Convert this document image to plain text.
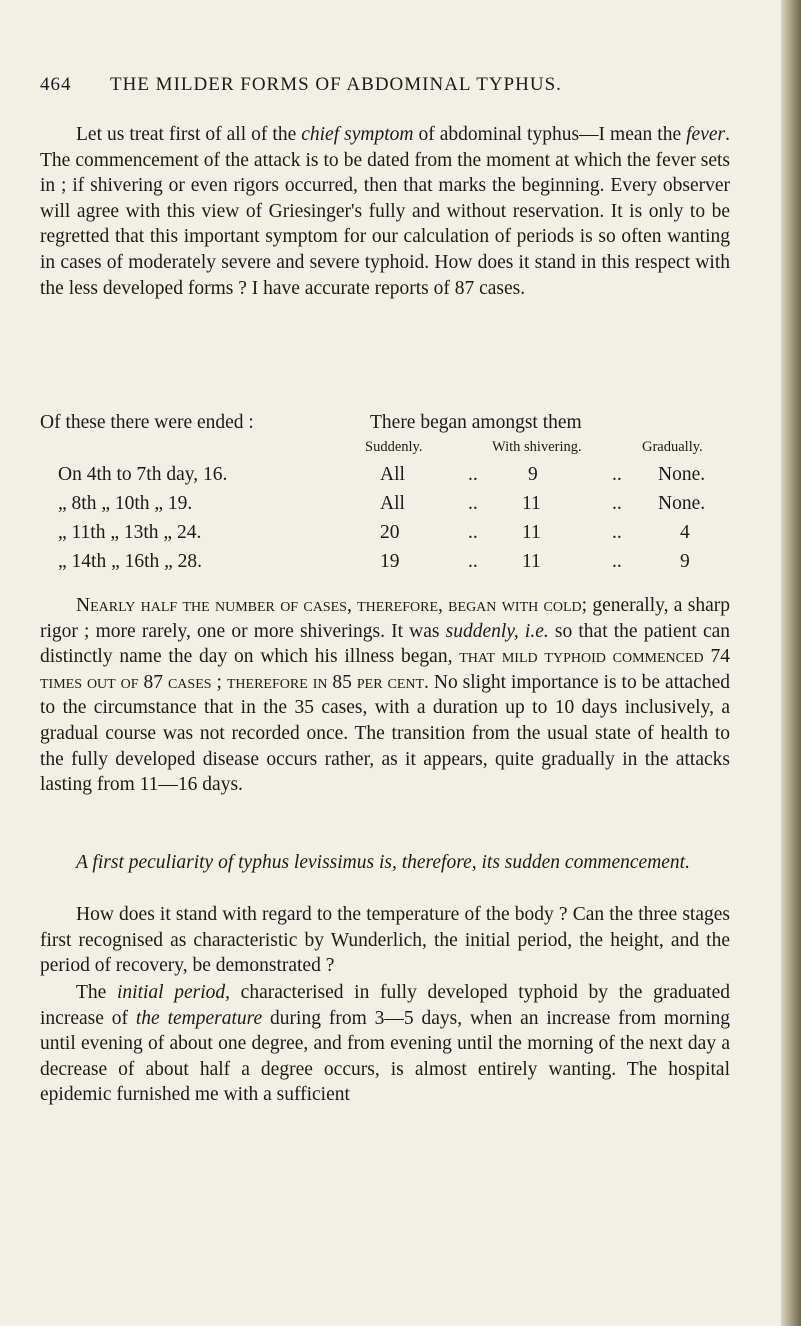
464 THE MILDER FORMS OF ABDOMINAL TYPHUS.

Let us treat first of all of the chief symptom of abdominal typhus—I mean the fever. The commencement of the attack is to be dated from the moment at which the fever sets in ; if shivering or even rigors occurred, then that marks the beginning. Every observer will agree with this view of Griesinger's fully and without reservation. It is only to be regretted that this important symptom for our calculation of periods is so often wanting in cases of moderately severe and severe typhoid. How does it stand in this respect with the less developed forms ? I have accurate reports of 87 cases.

Of these there were ended :	There began amongst them
Suddenly.	With shivering.	Gradually.
On 4th to 7th day, 16.	All	..	9	.. None.
„ 8th „ 10th „ 19.	All	.. 11	.. None.
„ 11th „ 13th „ 24.	20	.. 11	..	4
„ 14th „ 16th „ 28.	19	.. 11	..	9

Nearly half the number of cases, therefore, began with cold; generally, a sharp rigor ; more rarely, one or more shiverings. It was suddenly, i.e. so that the patient can distinctly name the day on which his illness began, that mild typhoid commenced 74 times out of 87 cases ; therefore in 85 per cent. No slight importance is to be attached to the circumstance that in the 35 cases, with a duration up to 10 days inclusively, a gradual course was not recorded once. The transition from the usual state of health to the fully developed disease occurs rather, as it appears, quite gradually in the attacks lasting from 11—16 days.

A first peculiarity of typhus levissimus is, therefore, its sudden commencement.

How does it stand with regard to the temperature of the body ? Can the three stages first recognised as characteristic by Wunderlich, the initial period, the height, and the period of recovery, be demonstrated ?

The initial period, characterised in fully developed typhoid by the graduated increase of the temperature during from 3—5 days, when an increase from morning until evening of about one degree, and from evening until the morning of the next day a decrease of about half a degree occurs, is almost entirely wanting. The hospital epidemic furnished me with a sufficient
